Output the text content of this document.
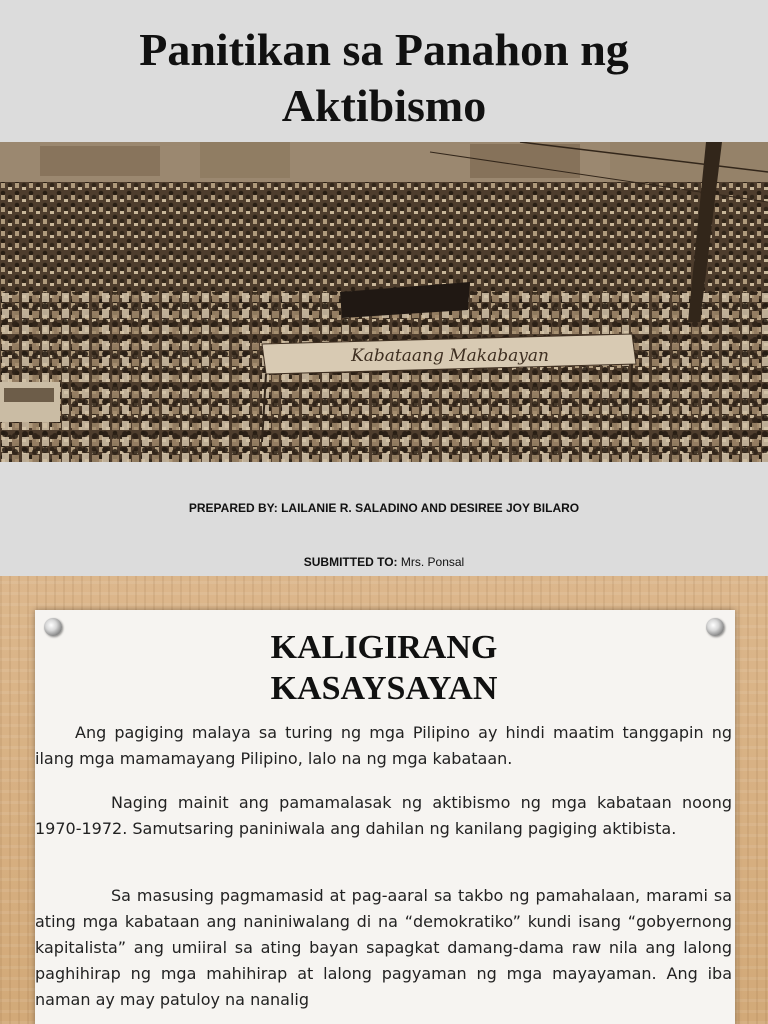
Panitikan sa Panahon ng
Aktibismo
Kabataang Makabayan
PREPARED BY: LAILANIE R. SALADINO AND DESIREE JOY BILARO
SUBMITTED TO: Mrs. Ponsal
KALIGIRANG
KASAYSAYAN

Ang pagiging malaya sa turing ng mga Pilipino ay hindi maatim tanggapin ng ilang mga mamamayang Pilipino, lalo na ng mga kabataan.

Naging mainit ang pamamalasak ng aktibismo ng mga kabataan noong 1970-1972. Samutsaring paniniwala ang dahilan ng kanilang pagiging aktibista.

Sa masusing pagmamasid at pag-aaral sa takbo ng pamahalaan, marami sa ating mga kabataan ang naniniwalang di na “demokratiko” kundi isang “gobyernong kapitalista” ang umiiral sa ating bayan sapagkat damang-dama raw nila ang lalong paghihirap ng mga mahihirap at lalong pagyaman ng mga mayayaman. Ang iba naman ay may patuloy na nanalig
